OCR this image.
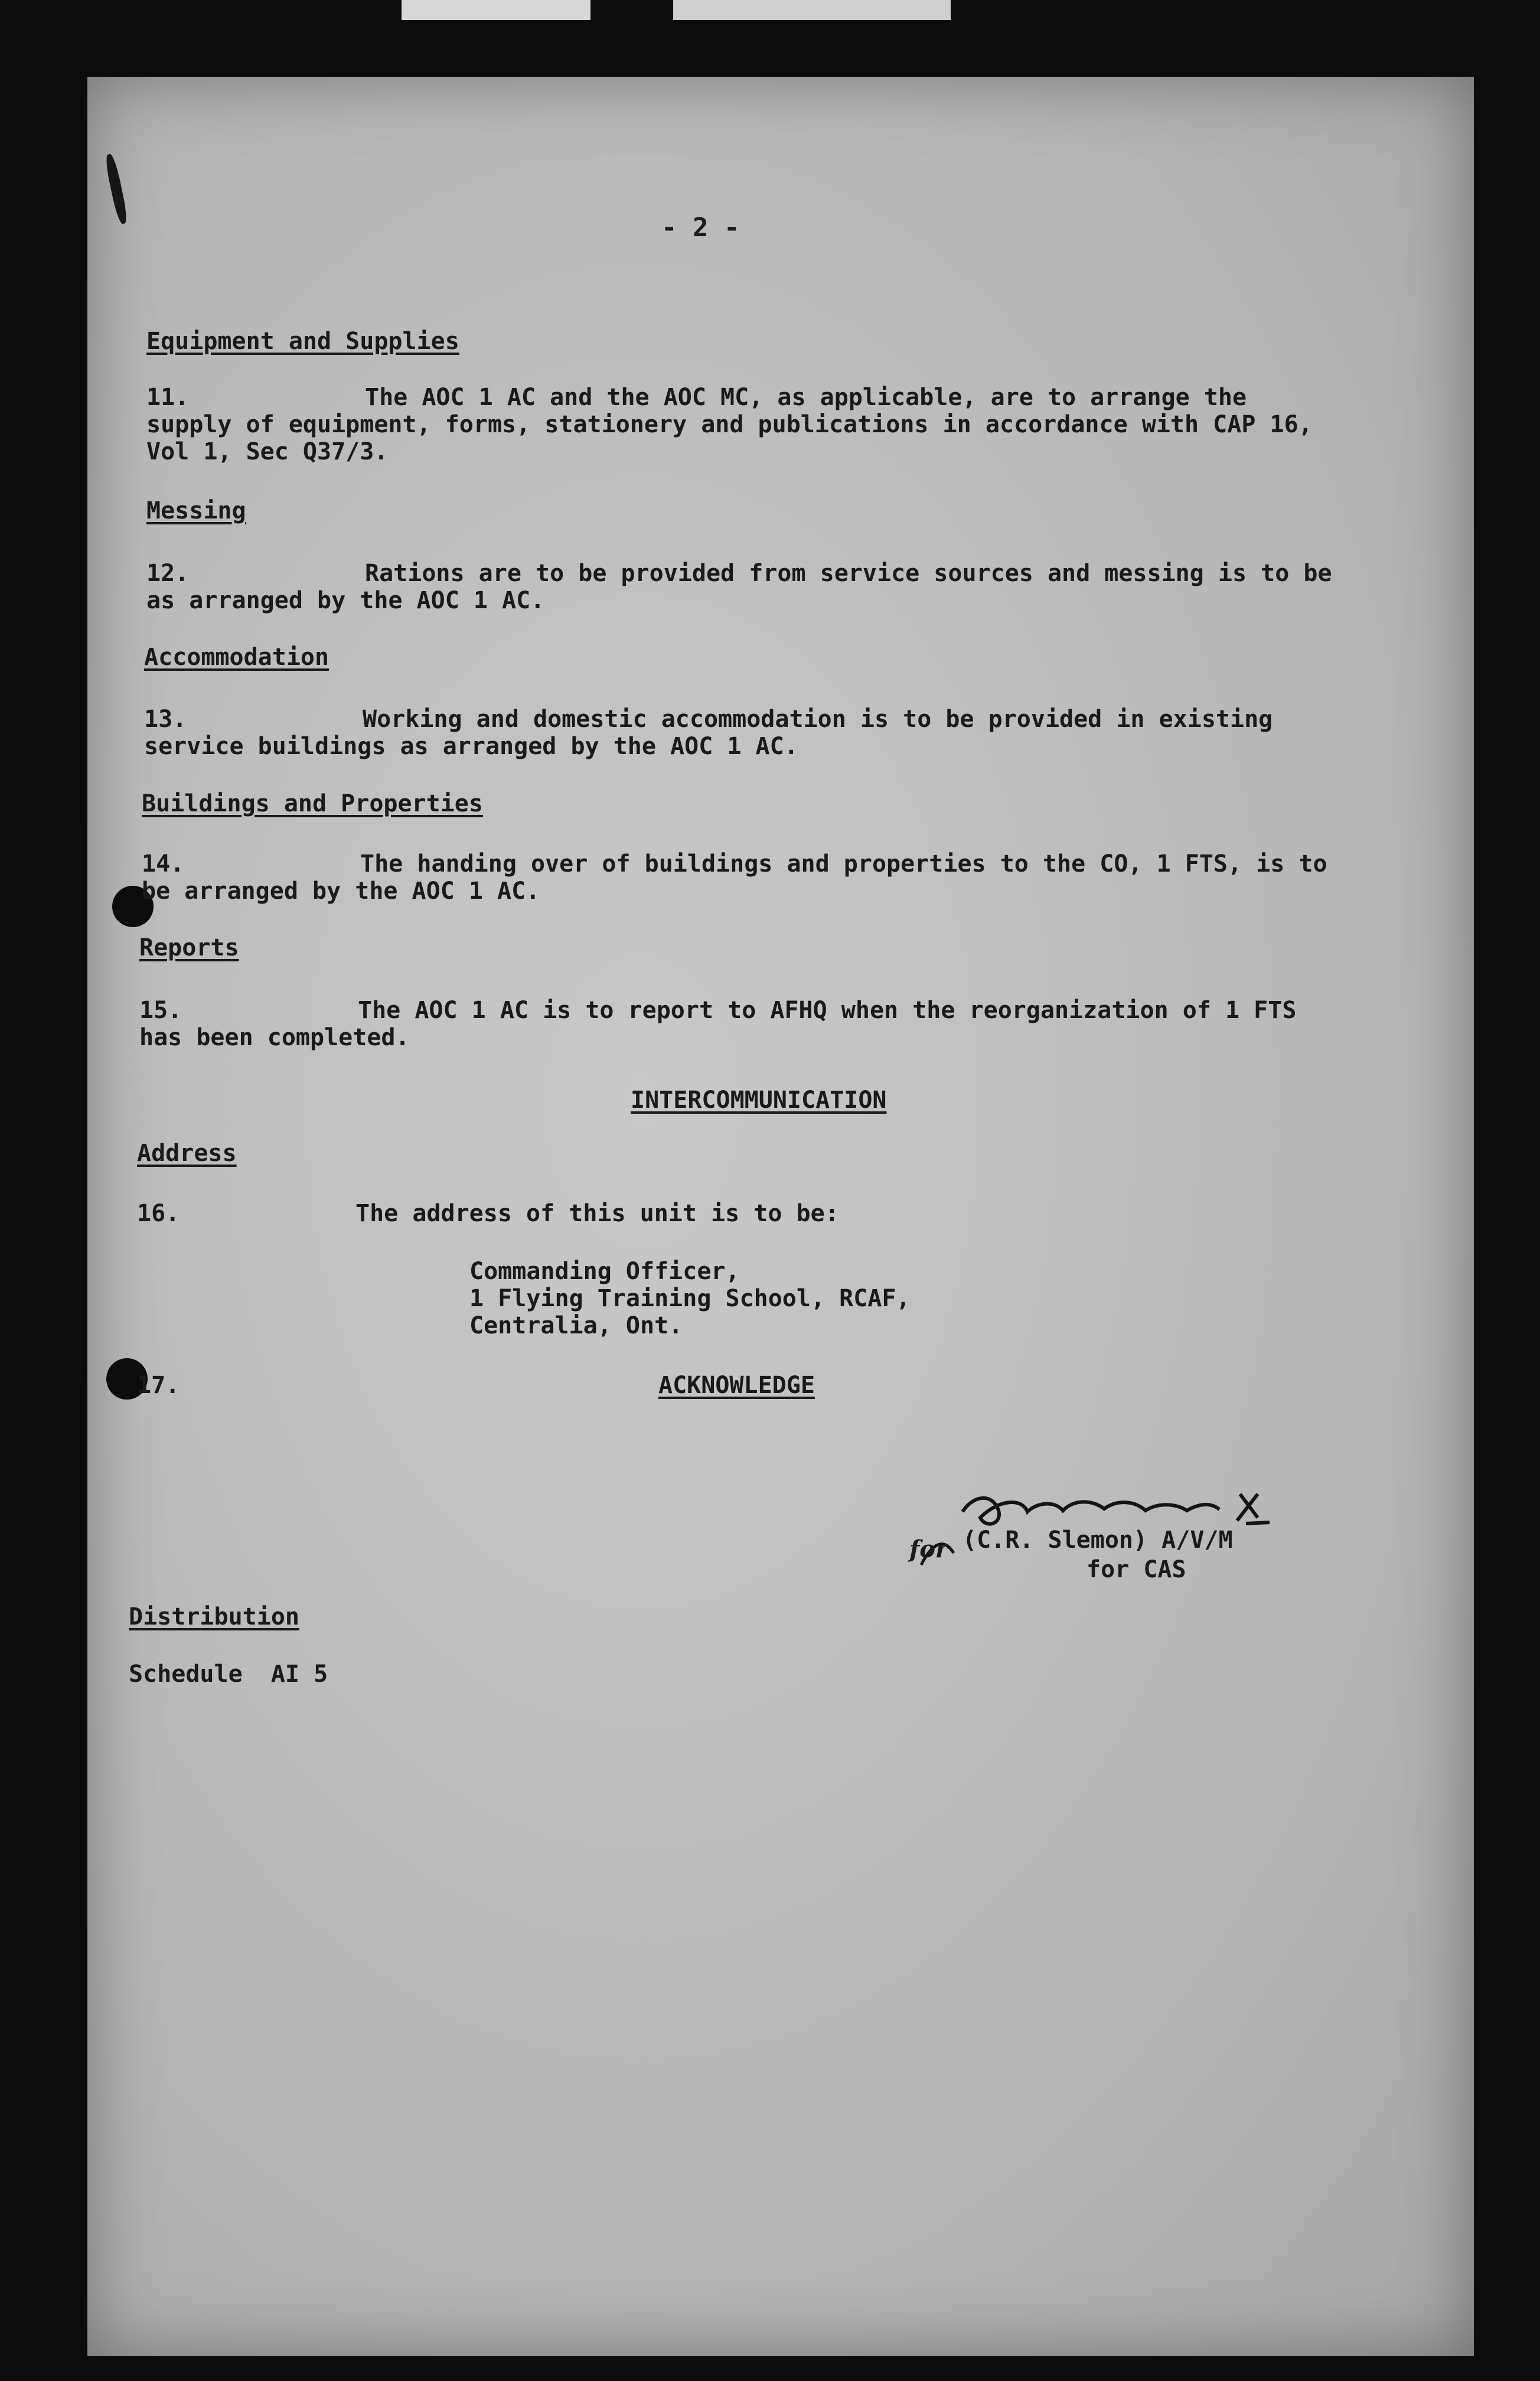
- 2 -
Equipment and Supplies
11.	The AOC 1 AC and the AOC MC, as applicable, are to arrange the
supply of equipment, forms, stationery and publications in accordance with CAP 16,
Vol 1, Sec Q37/3.
Messing
12.	Rations are to be provided from service sources and messing is to be
as arranged by the AOC 1 AC.
Accommodation
13.	Working and domestic accommodation is to be provided in existing
service buildings as arranged by the AOC 1 AC.
Buildings and Properties
14.	The handing over of buildings and properties to the CO, 1 FTS, is to
be arranged by the AOC 1 AC.
Reports
15.	The AOC 1 AC is to report to AFHQ when the reorganization of 1 FTS
has been completed.
INTERCOMMUNICATION
Address
16.	The address of this unit is to be:
Commanding Officer,
1 Flying Training School, RCAF,
Centralia, Ont.
17.	ACKNOWLEDGE
for (C.R. Slemon) A/V/M
for CAS
Distribution
Schedule  AI 5
